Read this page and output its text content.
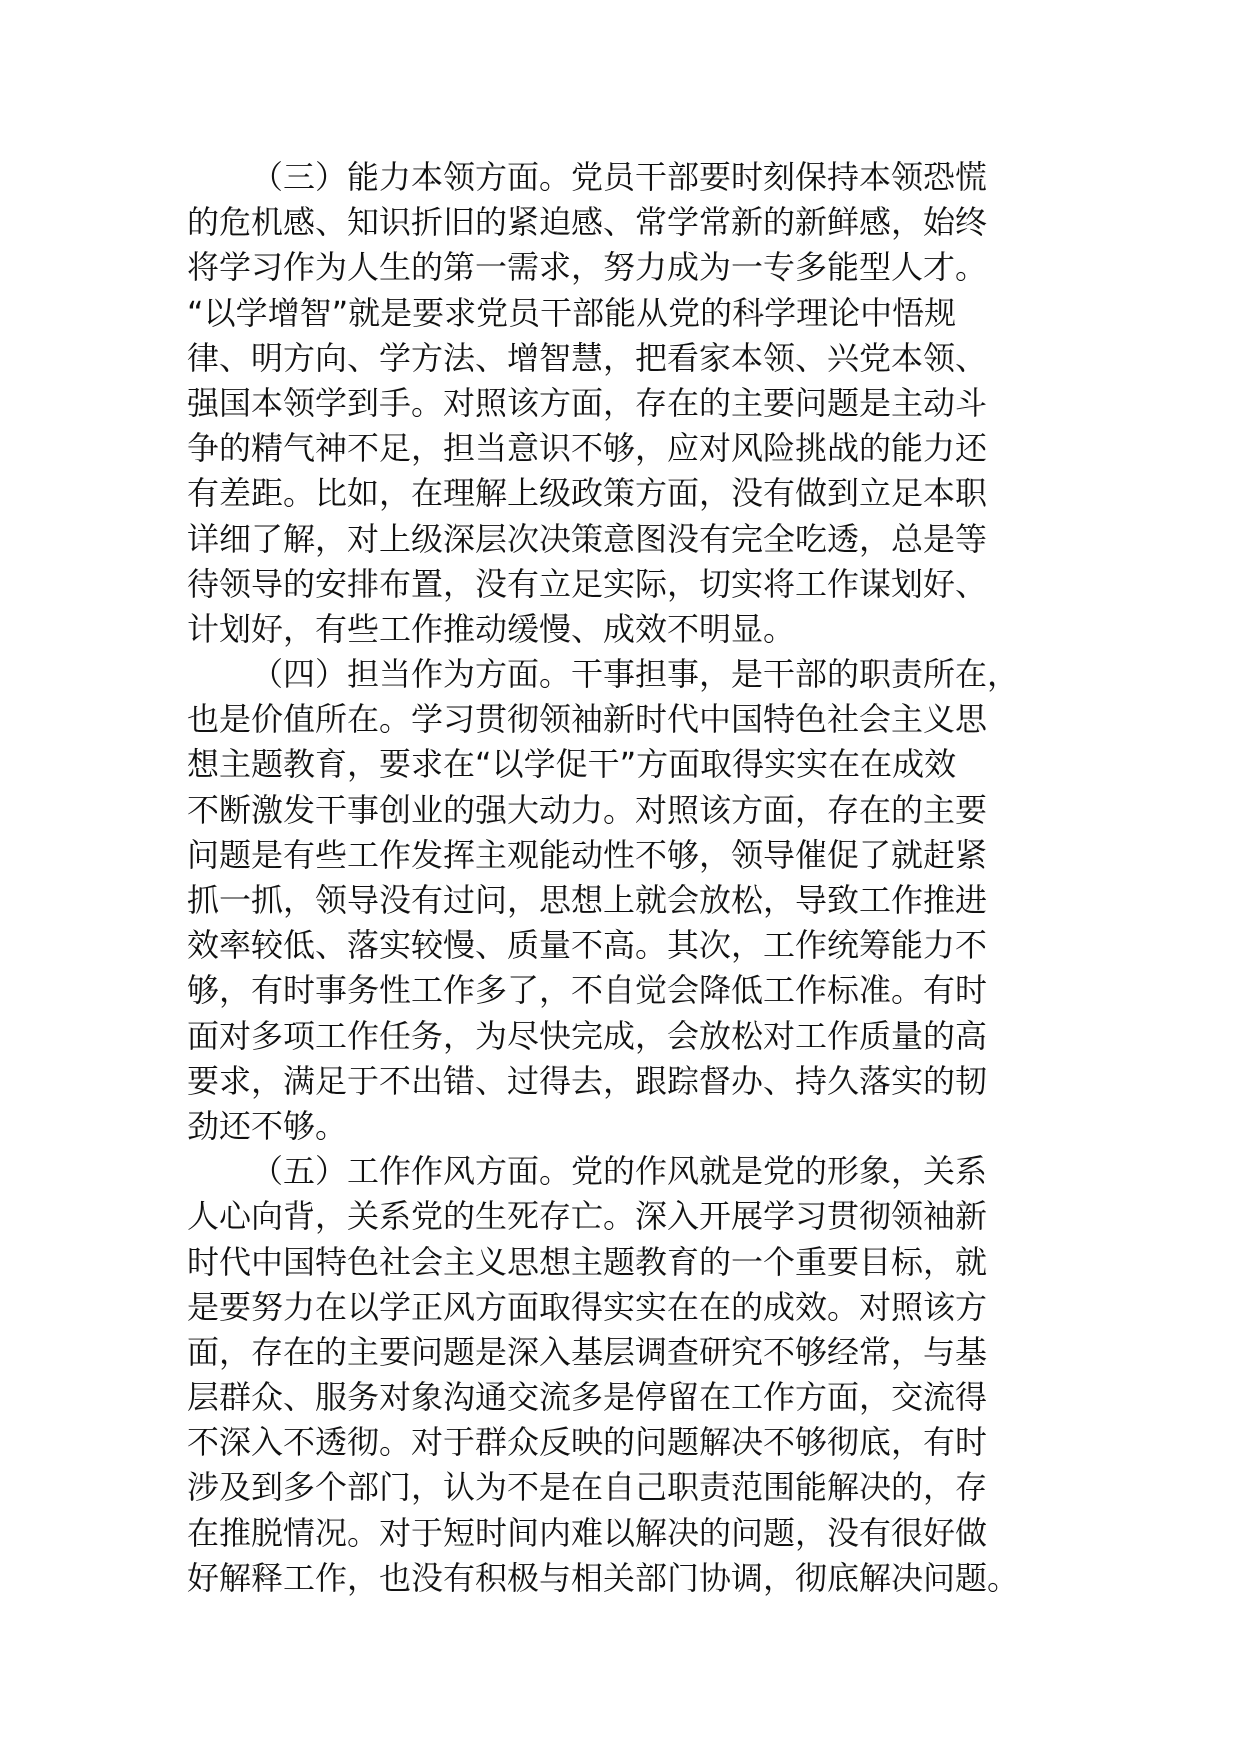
（三）能力本领方面。党员干部要时刻保持本领恐慌
的危机感、知识折旧的紧迫感、常学常新的新鲜感，始终
将学习作为人生的第一需求，努力成为一专多能型人才。
“以学增智”就是要求党员干部能从党的科学理论中悟规
律、明方向、学方法、增智慧，把看家本领、兴党本领、
强国本领学到手。对照该方面，存在的主要问题是主动斗
争的精气神不足，担当意识不够，应对风险挑战的能力还
有差距。比如，在理解上级政策方面，没有做到立足本职
详细了解，对上级深层次决策意图没有完全吃透，总是等
待领导的安排布置，没有立足实际，切实将工作谋划好、
计划好，有些工作推动缓慢、成效不明显。
（四）担当作为方面。干事担事，是干部的职责所在，
也是价值所在。学习贯彻领袖新时代中国特色社会主义思
想主题教育，要求在“以学促干”方面取得实实在在成效
不断激发干事创业的强大动力。对照该方面，存在的主要
问题是有些工作发挥主观能动性不够，领导催促了就赶紧
抓一抓，领导没有过问，思想上就会放松，导致工作推进
效率较低、落实较慢、质量不高。其次，工作统筹能力不
够，有时事务性工作多了，不自觉会降低工作标准。有时
面对多项工作任务，为尽快完成，会放松对工作质量的高
要求，满足于不出错、过得去，跟踪督办、持久落实的韧
劲还不够。
（五）工作作风方面。党的作风就是党的形象，关系
人心向背，关系党的生死存亡。深入开展学习贯彻领袖新
时代中国特色社会主义思想主题教育的一个重要目标，就
是要努力在以学正风方面取得实实在在的成效。对照该方
面，存在的主要问题是深入基层调查研究不够经常，与基
层群众、服务对象沟通交流多是停留在工作方面，交流得
不深入不透彻。对于群众反映的问题解决不够彻底，有时
涉及到多个部门，认为不是在自己职责范围能解决的，存
在推脱情况。对于短时间内难以解决的问题，没有很好做
好解释工作，也没有积极与相关部门协调，彻底解决问题。
